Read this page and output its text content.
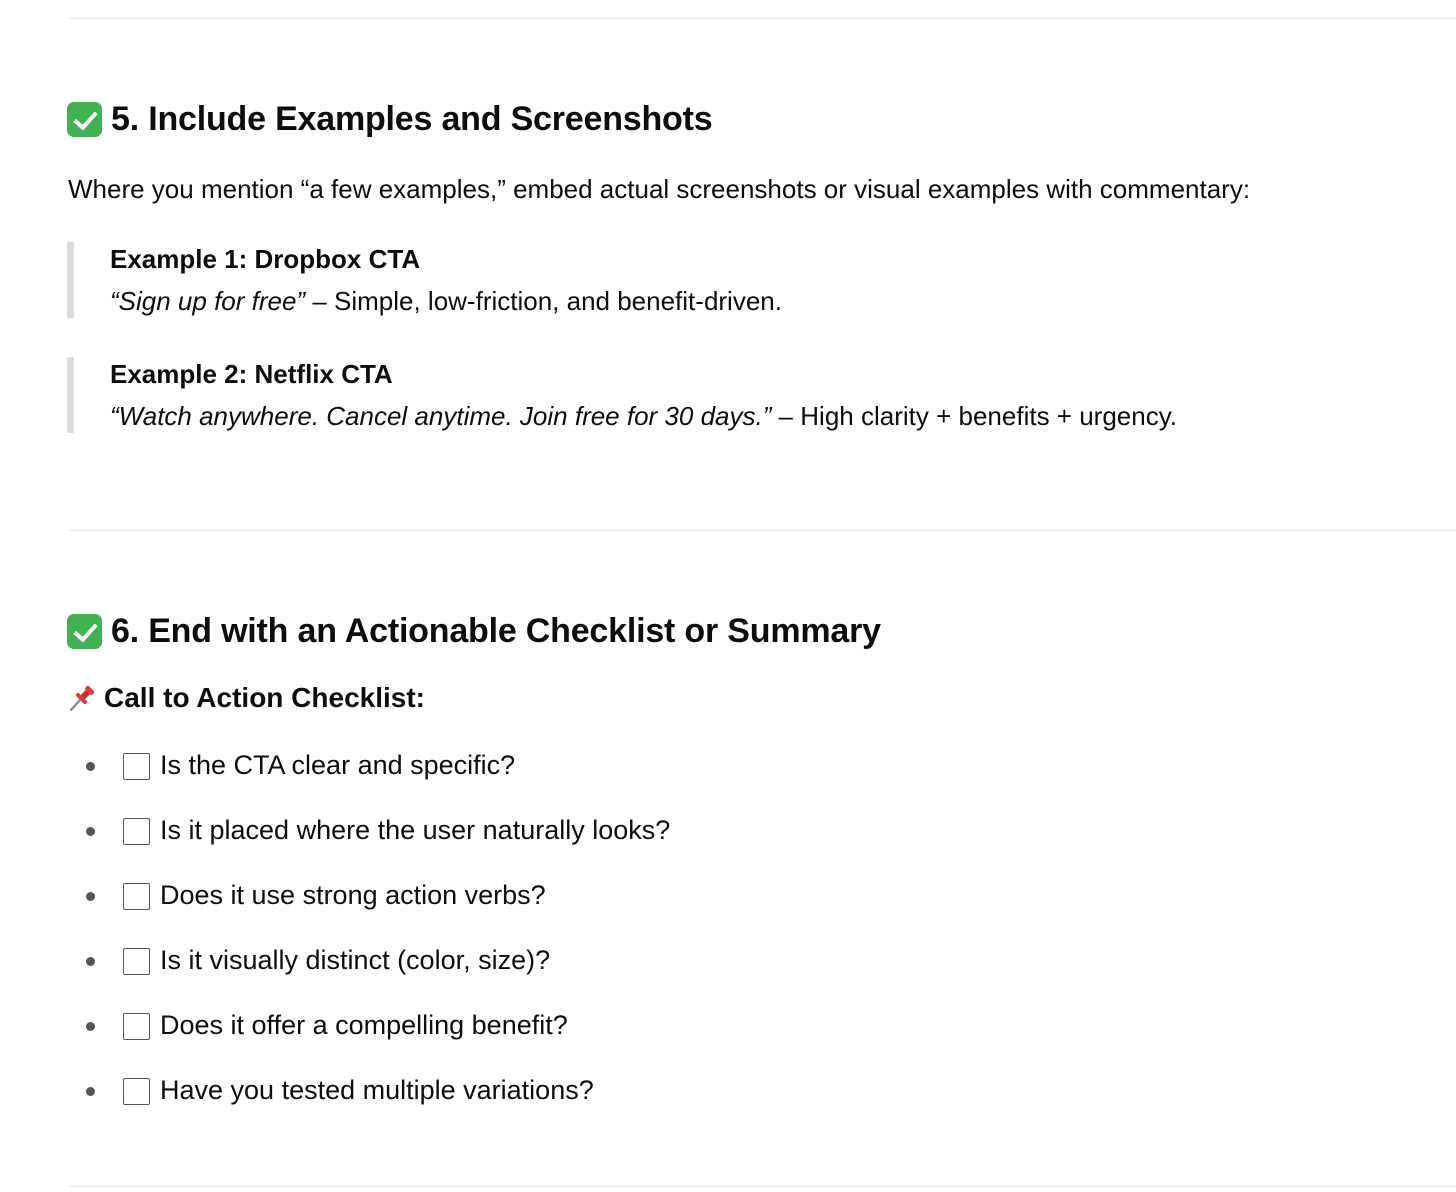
5. Include Examples and Screenshots

Where you mention “a few examples,” embed actual screenshots or visual examples with commentary:

Example 1: Dropbox CTA

“Sign up for free” – Simple, low-friction, and benefit-driven.

Example 2: Netflix CTA

“Watch anywhere. Cancel anytime. Join free for 30 days.” – High clarity + benefits + urgency.

6. End with an Actionable Checklist or Summary
Call to Action Checklist:
Is the CTA clear and specific?
Is it placed where the user naturally looks?
Does it use strong action verbs?
Is it visually distinct (color, size)?
Does it offer a compelling benefit?
Have you tested multiple variations?
